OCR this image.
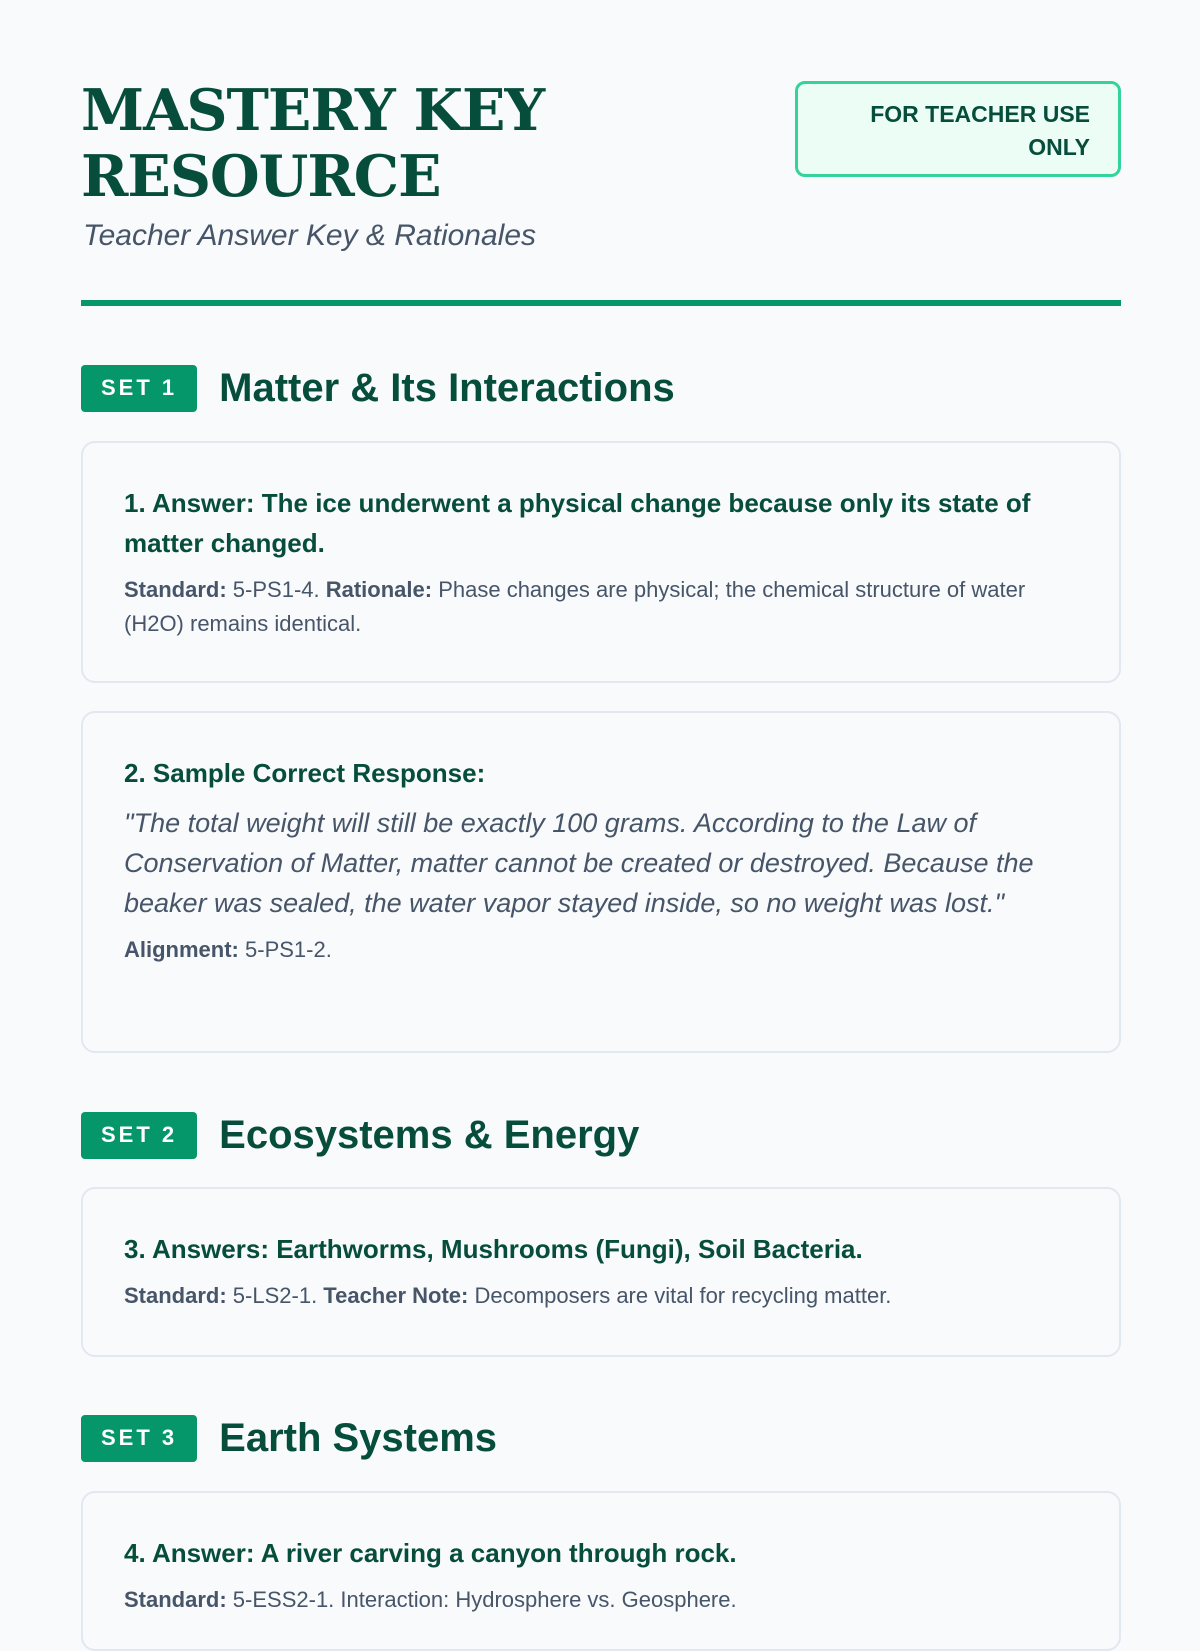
MASTERY KEY
RESOURCE

Teacher Answer Key & Rationales

FOR TEACHER USE
ONLY
SET 1	Matter & Its Interactions

1. Answer: The ice underwent a physical change because only its state of matter changed.

Standard: 5-PS1-4. Rationale: Phase changes are physical; the chemical structure of water (H2O) remains identical.

2. Sample Correct Response:

"The total weight will still be exactly 100 grams. According to the Law of Conservation of Matter, matter cannot be created or destroyed. Because the beaker was sealed, the water vapor stayed inside, so no weight was lost."

Alignment: 5-PS1-2.

SET 2	Ecosystems & Energy

3. Answers: Earthworms, Mushrooms (Fungi), Soil Bacteria.

Standard: 5-LS2-1. Teacher Note: Decomposers are vital for recycling matter.

SET 3	Earth Systems

4. Answer: A river carving a canyon through rock.

Standard: 5-ESS2-1. Interaction: Hydrosphere vs. Geosphere.
